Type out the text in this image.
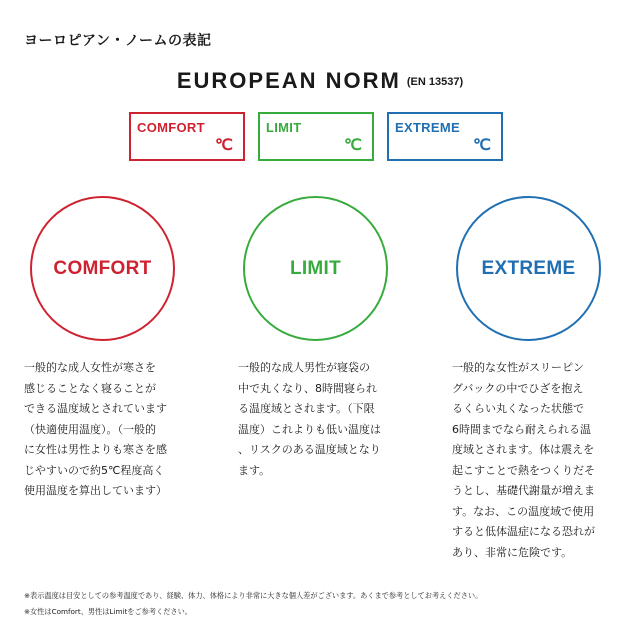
ヨーロピアン・ノームの表記
EUROPEAN NORM $^{(EN 13537)}$
COMFORT
℃
LIMIT
℃
EXTREME
℃
COMFORT	LIMIT	EXTREME
一般的な成人女性が寒さを
感じることなく寝ることが
できる温度域とされています
（快適使用温度）。（一般的
に女性は男性よりも寒さを感
じやすいので約5℃程度高く
使用温度を算出しています）
一般的な成人男性が寝袋の
中で丸くなり、8時間寝られ
る温度域とされます。（下限
温度）これよりも低い温度は
、リスクのある温度域となり
ます。
一般的な女性がスリーピン
グバックの中でひざを抱え
るくらい丸くなった状態で
6時間までなら耐えられる温
度域とされます。体は震えを
起こすことで熱をつくりだそ
うとし、基礎代謝量が増えま
す。なお、この温度域で使用
すると低体温症になる恐れが
あり、非常に危険です。
※表示温度は目安としての参考温度であり、経験、体力、体格により非常に大きな個人差がございます。あくまで参考としてお考えください。
※女性はComfort、男性はLimitをご参考ください。
